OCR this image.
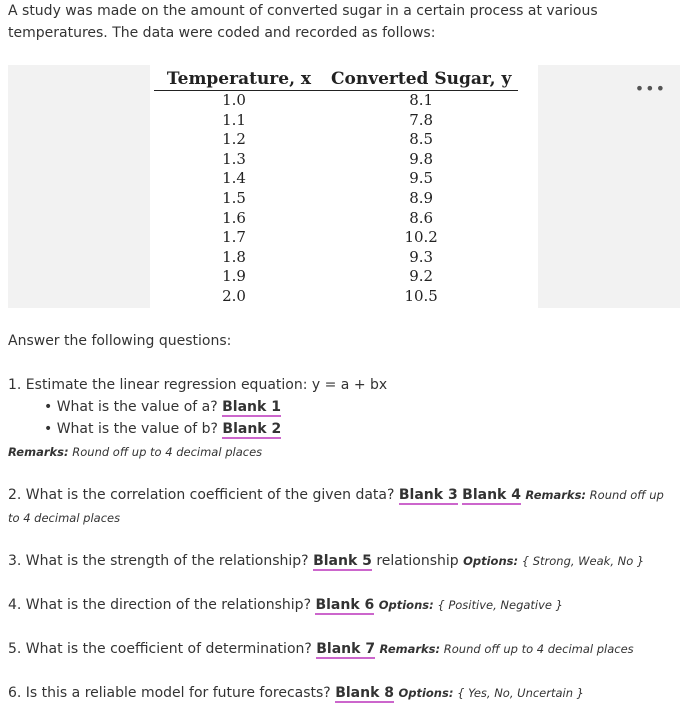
A study was made on the amount of converted sugar in a certain process at various temperatures. The data were coded and recorded as follows:
Temperature, x	Converted Sugar, y
1.0	8.1
1.1	7.8
1.2	8.5
1.3	9.8
1.4	9.5
1.5	8.9
1.6	8.6
1.7	10.2
1.8	9.3
1.9	9.2
2.0	10.5
•••
Answer the following questions:
1. Estimate the linear regression equation: y = a + bx
• What is the value of a? Blank 1
• What is the value of b? Blank 2
Remarks: Round off up to 4 decimal places
2. What is the correlation coefficient of the given data? Blank 3 Blank 4 Remarks: Round off up to 4 decimal places
3. What is the strength of the relationship? Blank 5 relationship Options: { Strong, Weak, No }
4. What is the direction of the relationship? Blank 6 Options: { Positive, Negative }
5. What is the coefficient of determination? Blank 7 Remarks: Round off up to 4 decimal places
6. Is this a reliable model for future forecasts? Blank 8 Options: { Yes, No, Uncertain }
